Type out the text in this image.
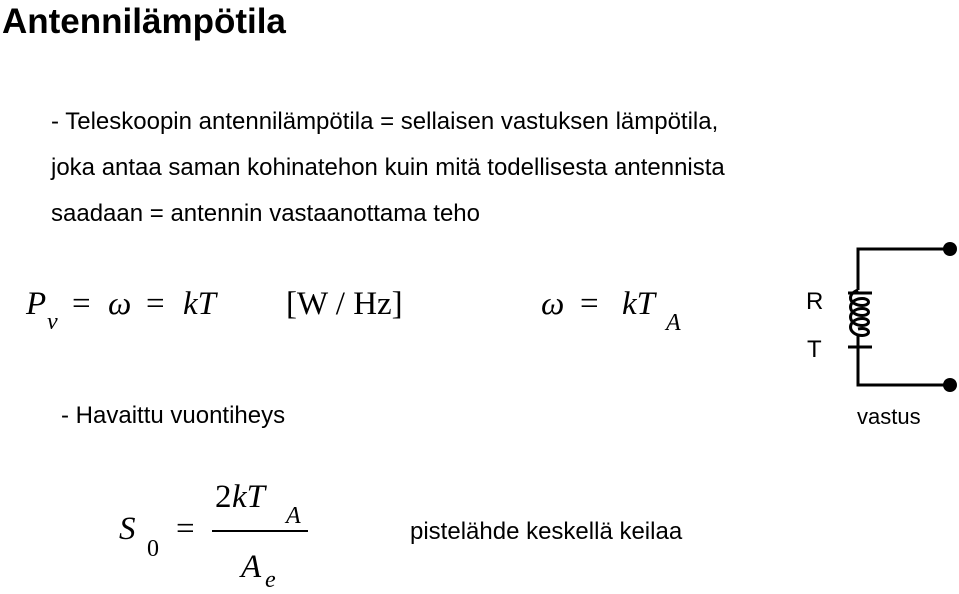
Antennilämpötila
- Teleskoopin antennilämpötila = sellaisen vastuksen lämpötila,
joka antaa saman kohinatehon kuin mitä todellisesta antennista
saadaan = antennin vastaanottama teho
P ν = ω = kT [W / Hz]	ω = kT
A
R
T
vastus
- Havaittu vuontiheys
S
0
=
2 kT
A
A e
pistelähde keskellä keilaa
